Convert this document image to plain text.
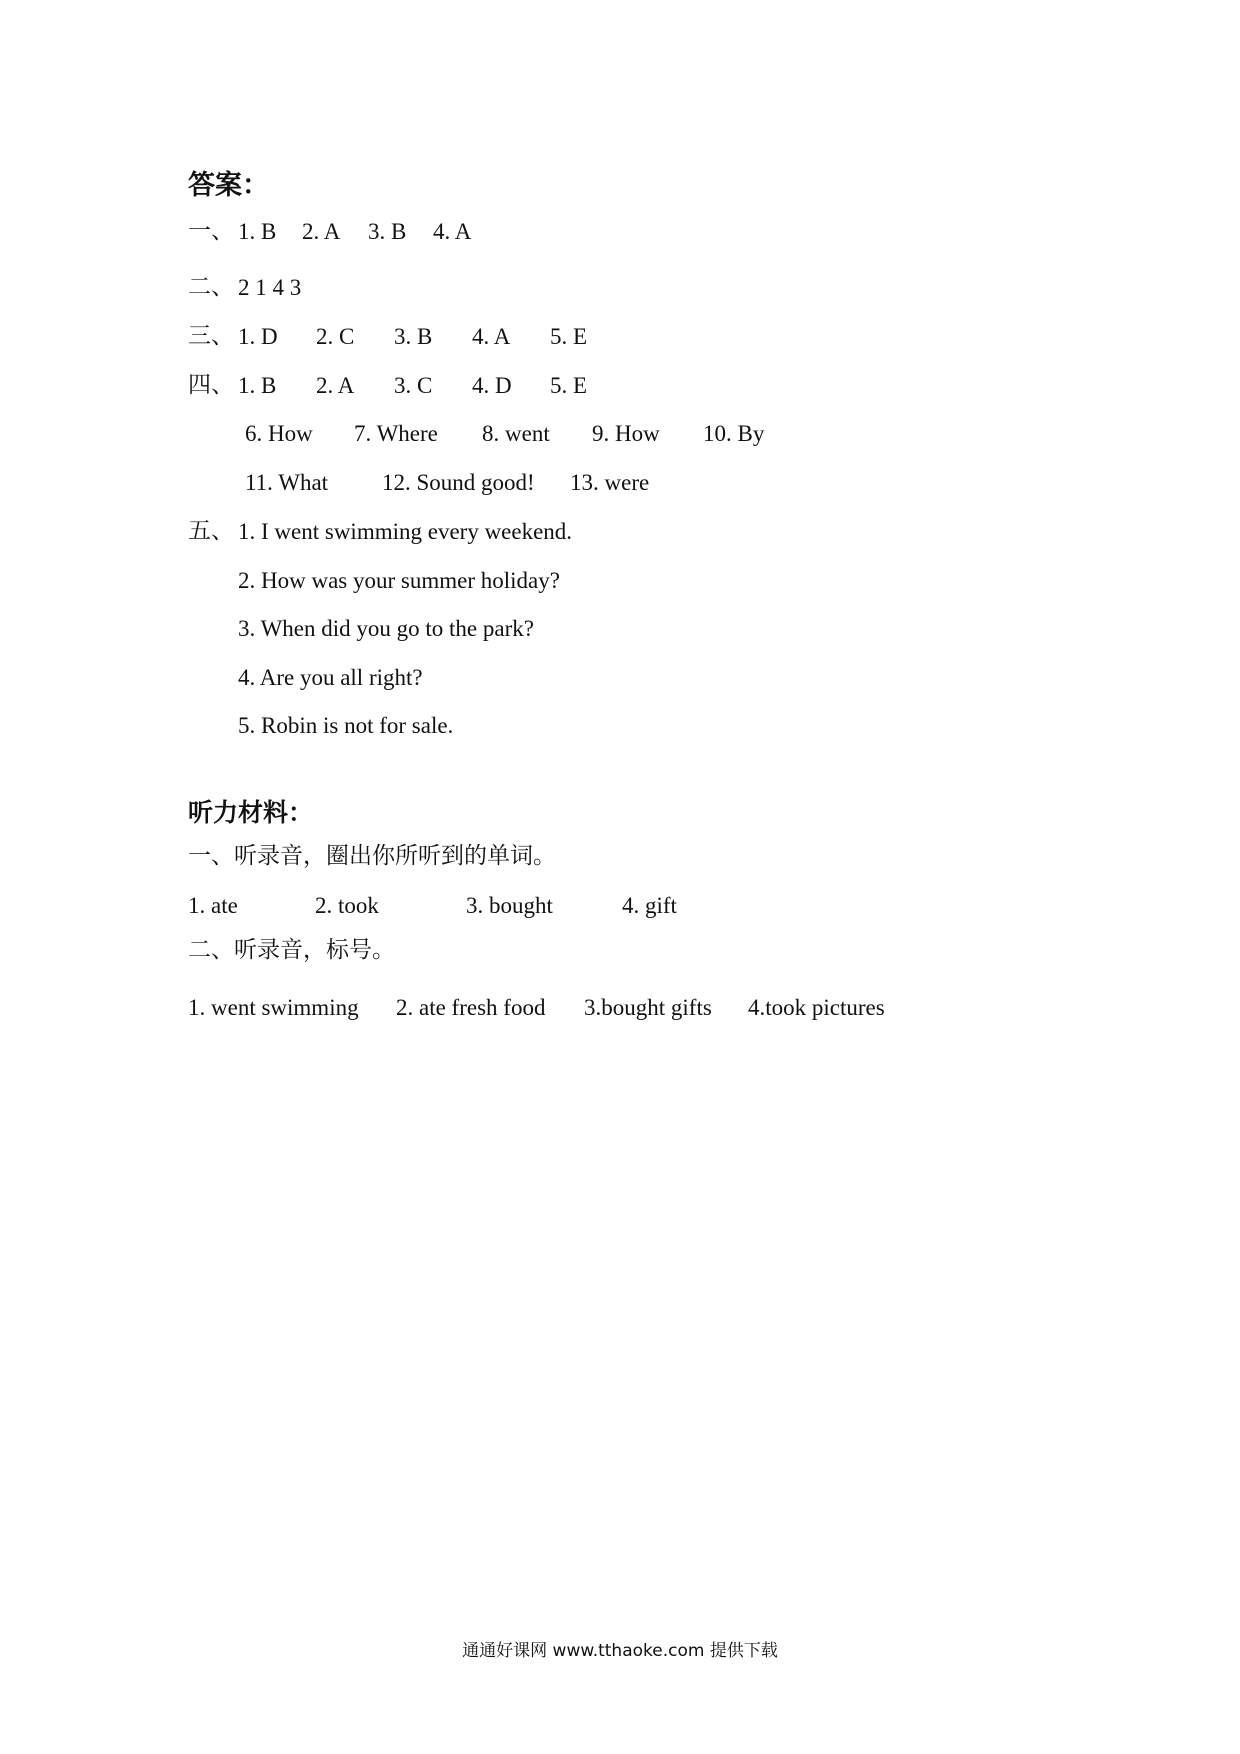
答案：
一、 1. B 2. A 3. B 4. A
二、 2 1 4 3
三、 1. D 2. C 3. B 4. A 5. E
四、 1. B 2. A 3. C 4. D 5. E
6. How 7. Where 8. went 9. How 10. By
11. What 12. Sound good! 13. were
五、 1. I went swimming every weekend.
2. How was your summer holiday?
3. When did you go to the park?
4. Are you all right?
5. Robin is not for sale.
听力材料：
一、听录音，圈出你所听到的单词。
1. ate	2. took	3. bought	4. gift
二、听录音，标号。
1. went swimming 2. ate fresh food 3.bought gifts 4.took pictures
通通好课网 www.tthaoke.com 提供下载
